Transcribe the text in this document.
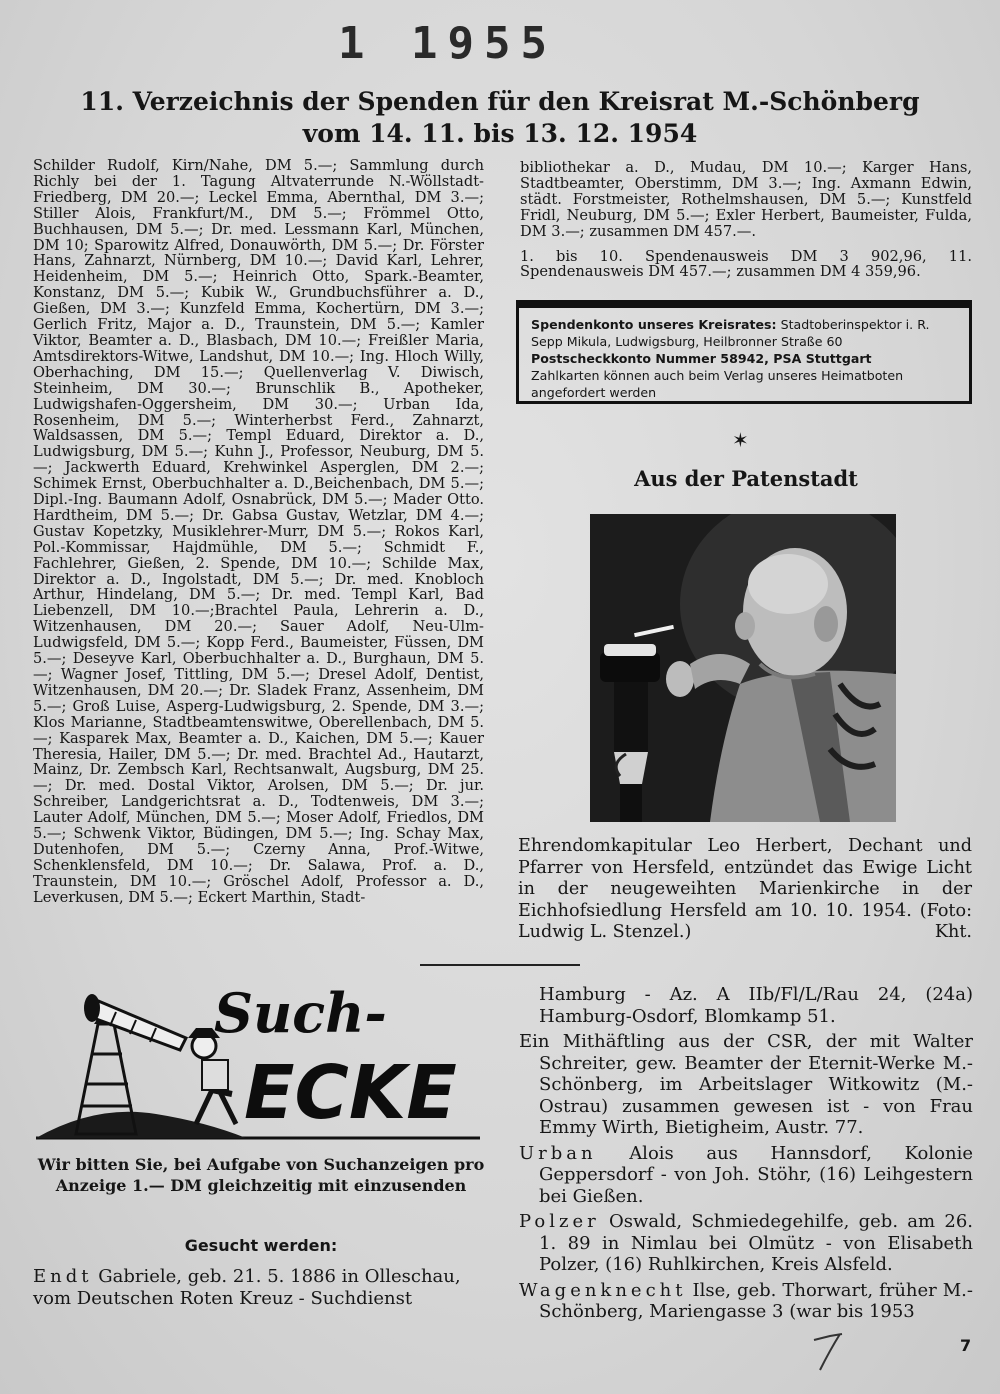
1 1955
11. Verzeichnis der Spenden für den Kreisrat M.-Schönberg
vom 14. 11. bis 13. 12. 1954

Schilder Rudolf, Kirn/Nahe, DM 5.—; Sammlung durch Richly bei der 1. Tagung Altvaterrunde N.-Wöllstadt-Friedberg, DM 20.—; Leckel Emma, Abernthal, DM 3.—; Stiller Alois, Frankfurt/M., DM 5.—; Frömmel Otto, Buchhausen, DM 5.—; Dr. med. Lessmann Karl, München, DM 10; Sparowitz Alfred, Donauwörth, DM 5.—; Dr. Förster Hans, Zahnarzt, Nürnberg, DM 10.—; David Karl, Lehrer, Heidenheim, DM 5.—; Heinrich Otto, Spark.-Beamter, Konstanz, DM 5.—; Kubik W., Grundbuchsführer a. D., Gießen, DM 3.—; Kunzfeld Emma, Kochertürn, DM 3.—; Gerlich Fritz, Major a. D., Traunstein, DM 5.—; Kamler Viktor, Beamter a. D., Blasbach, DM 10.—; Freißler Maria, Amtsdirektors-Witwe, Landshut, DM 10.—; Ing. Hloch Willy, Oberhaching, DM 15.—; Quellenverlag V. Diwisch, Steinheim, DM 30.—; Brunschlik B., Apotheker, Ludwigshafen-Oggersheim, DM 30.—; Urban Ida, Rosenheim, DM 5.—; Winterherbst Ferd., Zahnarzt, Waldsassen, DM 5.—; Templ Eduard, Direktor a. D., Ludwigsburg, DM 5.—; Kuhn J., Professor, Neuburg, DM 5.—; Jackwerth Eduard, Krehwinkel Asperglen, DM 2.—; Schimek Ernst, Oberbuchhalter a. D.,Beichenbach, DM 5.—; Dipl.-Ing. Baumann Adolf, Osnabrück, DM 5.—; Mader Otto. Hardtheim, DM 5.—; Dr. Gabsa Gustav, Wetzlar, DM 4.—; Gustav Kopetzky, Musiklehrer-Murr, DM 5.—; Rokos Karl, Pol.-Kommissar, Hajdmühle, DM 5.—; Schmidt F., Fachlehrer, Gießen, 2. Spende, DM 10.—; Schilde Max, Direktor a. D., Ingolstadt, DM 5.—; Dr. med. Knobloch Arthur, Hindelang, DM 5.—; Dr. med. Templ Karl, Bad Liebenzell, DM 10.—;Brachtel Paula, Lehrerin a. D., Witzenhausen, DM 20.—; Sauer Adolf, Neu-Ulm-Ludwigsfeld, DM 5.—; Kopp Ferd., Baumeister, Füssen, DM 5.—; Deseyve Karl, Oberbuchhalter a. D., Burghaun, DM 5.—; Wagner Josef, Tittling, DM 5.—; Dresel Adolf, Dentist, Witzenhausen, DM 20.—; Dr. Sladek Franz, Assenheim, DM 5.—; Groß Luise, Asperg-Ludwigsburg, 2. Spende, DM 3.—; Klos Marianne, Stadtbeamtenswitwe, Oberellenbach, DM 5.—; Kasparek Max, Beamter a. D., Kaichen, DM 5.—; Kauer Theresia, Hailer, DM 5.—; Dr. med. Brachtel Ad., Hautarzt, Mainz, Dr. Zembsch Karl, Rechtsanwalt, Augsburg, DM 25.—; Dr. med. Dostal Viktor, Arolsen, DM 5.—; Dr. jur. Schreiber, Landgerichtsrat a. D., Todtenweis, DM 3.—; Lauter Adolf, München, DM 5.—; Moser Adolf, Friedlos, DM 5.—; Schwenk Viktor, Büdingen, DM 5.—; Ing. Schay Max, Dutenhofen, DM 5.—; Czerny Anna, Prof.-Witwe, Schenklensfeld, DM 10.—; Dr. Salawa, Prof. a. D., Traunstein, DM 10.—; Gröschel Adolf, Professor a. D., Leverkusen, DM 5.—; Eckert Marthin, Stadt-

bibliothekar a. D., Mudau, DM 10.—; Karger Hans, Stadtbeamter, Oberstimm, DM 3.—; Ing. Axmann Edwin, städt. Forstmeister, Rothelmshausen, DM 5.—; Kunstfeld Fridl, Neuburg, DM 5.—; Exler Herbert, Baumeister, Fulda, DM 3.—; zusammen DM 457.—.

1. bis 10. Spendenausweis DM 3 902,96, 11. Spendenausweis DM 457.—; zusammen DM 4 359,96.

Spendenkonto unseres Kreisrates: Stadtoberinspektor i. R. Sepp Mikula, Ludwigsburg, Heilbronner Straße 60
Postscheckkonto Nummer 58942, PSA Stuttgart
Zahlkarten können auch beim Verlag unseres Heimatboten angefordert werden
✶
Aus der Patenstadt

Ehrendomkapitular Leo Herbert, Dechant und Pfarrer von Hersfeld, entzündet das Ewige Licht in der neugeweihten Marienkirche in der Eichhofsiedlung Hersfeld am 10. 10. 1954. (Foto: Ludwig L. Stenzel.)	Kht.

Such-
ECKE

Wir bitten Sie, bei Aufgabe von Suchanzeigen pro Anzeige 1.— DM gleichzeitig mit einzusenden

Gesucht werden:

Endt Gabriele, geb. 21. 5. 1886 in Olleschau, vom Deutschen Roten Kreuz - Suchdienst

Hamburg - Az. A IIb/Fl/L/Rau 24, (24a) Hamburg-Osdorf, Blomkamp 51.

Ein Mithäftling aus der CSR, der mit Walter Schreiter, gew. Beamter der Eternit-Werke M.-Schönberg, im Arbeitslager Witkowitz (M.-Ostrau) zusammen gewesen ist - von Frau Emmy Wirth, Bietigheim, Austr. 77.

Urban Alois aus Hannsdorf, Kolonie Geppersdorf - von Joh. Stöhr, (16) Leihgestern bei Gießen.

Polzer Oswald, Schmiedegehilfe, geb. am 26. 1. 89 in Nimlau bei Olmütz - von Elisabeth Polzer, (16) Ruhlkirchen, Kreis Alsfeld.

Wagenknecht Ilse, geb. Thorwart, früher M.-Schönberg, Mariengasse 3 (war bis 1953

7
